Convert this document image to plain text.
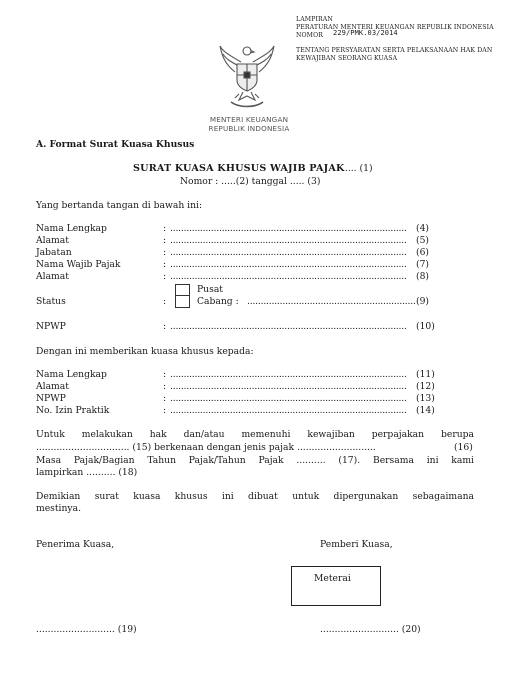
LAMPIRAN
PERATURAN MENTERI KEUANGAN REPUBLIK INDONESIA
NOMOR 229/PMK.03/2014
TENTANG PERSYARATAN SERTA PELAKSANAAN HAK DAN
KEWAJIBAN SEORANG KUASA
MENTERI KEUANGAN
REPUBLIK INDONESIA
A. Format Surat Kuasa Khusus
SURAT KUASA KHUSUS WAJIB PAJAK
..... (1)
Nomor : .....(2) tanggal ..... (3)
Yang bertanda tangan di bawah ini:
Nama Lengkap	: ....................................................................................... (4)
Alamat	: ....................................................................................... (5)
Jabatan	: ....................................................................................... (6)
Nama Wajib Pajak	: ....................................................................................... (7)
Alamat	: ....................................................................................... (8)
Pusat
Status	:	Cabang : .............................................................. (9)
NPWP	: ....................................................................................... (10)
Dengan ini memberikan kuasa khusus kepada:
Nama Lengkap	: ....................................................................................... (11)
Alamat	: ....................................................................................... (12)
NPWP	: ....................................................................................... (13)
No. Izin Praktik	: ....................................................................................... (14)
Untuk melakukan hak dan/atau memenuhi kewajiban perpajakan berupa
................................ (15) berkenaan dengan jenis pajak ...........................	(16)
Masa Pajak/Bagian Tahun Pajak/Tahun Pajak .......... (17). Bersama ini kami
lampirkan .......... (18)
Demikian surat kuasa khusus ini dibuat untuk dipergunakan sebagaimana
mestinya.
Penerima Kuasa,	Pemberi Kuasa,
Meterai
........................... (19)	........................... (20)
